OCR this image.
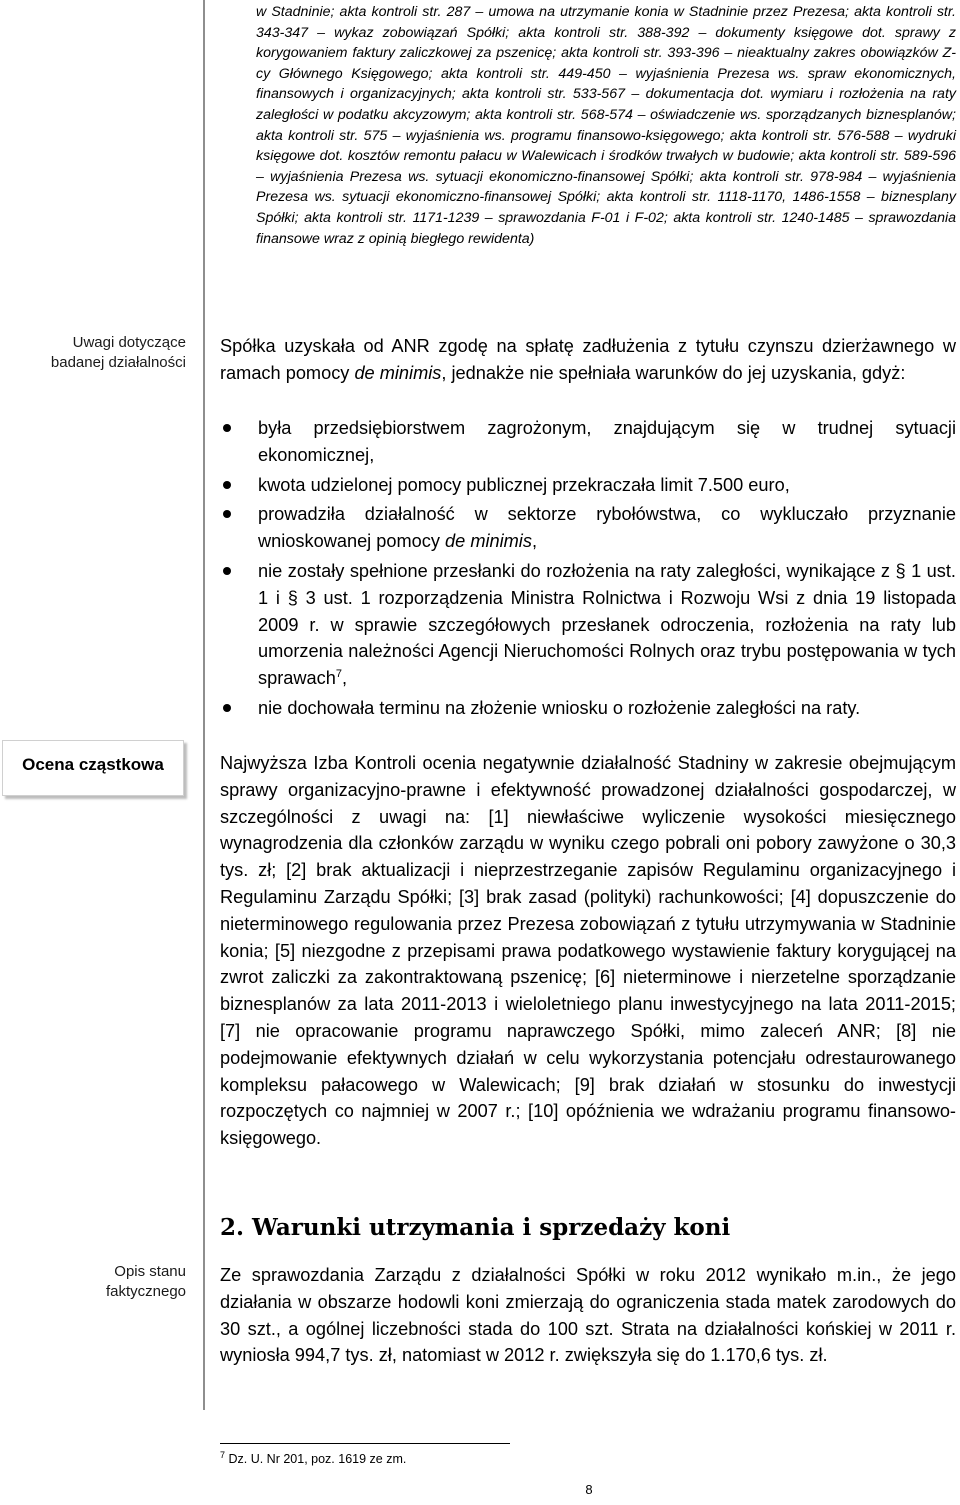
Uwagi dotyczące badanej działalności
Ocena cząstkowa
Opis stanu faktycznego
w Stadninie; akta kontroli str. 287 – umowa na utrzymanie konia w Stadninie przez Prezesa; akta kontroli str. 343-347 – wykaz zobowiązań Spółki; akta kontroli str. 388-392 – dokumenty księgowe dot. sprawy z korygowaniem faktury zaliczkowej za pszenicę; akta kontroli str. 393-396 – nieaktualny zakres obowiązków Z-cy Głównego Księgowego; akta kontroli str. 449-450 – wyjaśnienia Prezesa ws. spraw ekonomicznych, finansowych i organizacyjnych; akta kontroli str. 533-567 – dokumentacja dot. wymiaru i rozłożenia na raty zaległości w podatku akcyzowym; akta kontroli str. 568-574 – oświadczenie ws. sporządzanych biznesplanów; akta kontroli str. 575 – wyjaśnienia ws. programu finansowo-księgowego; akta kontroli str. 576-588 – wydruki księgowe dot. kosztów remontu pałacu w Walewicach i środków trwałych w budowie; akta kontroli str. 589-596 – wyjaśnienia Prezesa ws. sytuacji ekonomiczno-finansowej Spółki; akta kontroli str. 978-984 – wyjaśnienia Prezesa ws. sytuacji ekonomiczno-finansowej Spółki; akta kontroli str. 1118-1170, 1486-1558 – biznesplany Spółki; akta kontroli str. 1171-1239 – sprawozdania F-01 i F-02; akta kontroli str. 1240-1485 – sprawozdania finansowe wraz z opinią biegłego rewidenta)
Spółka uzyskała od ANR zgodę na spłatę zadłużenia z tytułu czynszu dzierżawnego w ramach pomocy de minimis, jednakże nie spełniała warunków do jej uzyskania, gdyż:
była przedsiębiorstwem zagrożonym, znajdującym się w trudnej sytuacji ekonomicznej,
kwota udzielonej pomocy publicznej przekraczała limit 7.500 euro,
prowadziła działalność w sektorze rybołówstwa, co wykluczało przyznanie wnioskowanej pomocy de minimis,
nie zostały spełnione przesłanki do rozłożenia na raty zaległości, wynikające z § 1 ust. 1 i § 3 ust. 1 rozporządzenia Ministra Rolnictwa i Rozwoju Wsi z dnia 19 listopada 2009 r. w sprawie szczegółowych przesłanek odroczenia, rozłożenia na raty lub umorzenia należności Agencji Nieruchomości Rolnych oraz trybu postępowania w tych sprawach$^7$,
nie dochowała terminu na złożenie wniosku o rozłożenie zaległości na raty.
Najwyższa Izba Kontroli ocenia negatywnie działalność Stadniny w zakresie obejmującym sprawy organizacyjno-prawne i efektywność prowadzonej działalności gospodarczej, w szczególności z uwagi na: [1] niewłaściwe wyliczenie wysokości miesięcznego wynagrodzenia dla członków zarządu w wyniku czego pobrali oni pobory zawyżone o 30,3 tys. zł; [2] brak aktualizacji i nieprzestrzeganie zapisów Regulaminu organizacyjnego i Regulaminu Zarządu Spółki; [3] brak zasad (polityki) rachunkowości; [4] dopuszczenie do nieterminowego regulowania przez Prezesa zobowiązań z tytułu utrzymywania w Stadninie konia; [5] niezgodne z przepisami prawa podatkowego wystawienie faktury korygującej na zwrot zaliczki za zakontraktowaną pszenicę; [6] nieterminowe i nierzetelne sporządzanie biznesplanów za lata 2011-2013 i wieloletniego planu inwestycyjnego na lata 2011-2015; [7] nie opracowanie programu naprawczego Spółki, mimo zaleceń ANR; [8] nie podejmowanie efektywnych działań w celu wykorzystania potencjału odrestaurowanego kompleksu pałacowego w Walewicach; [9] brak działań w stosunku do inwestycji rozpoczętych co najmniej w 2007 r.; [10] opóźnienia we wdrażaniu programu finansowo-księgowego.
2. Warunki utrzymania i sprzedaży koni
Ze sprawozdania Zarządu z działalności Spółki w roku 2012 wynikało m.in., że jego działania w obszarze hodowli koni zmierzają do ograniczenia stada matek zarodowych do 30 szt., a ogólnej liczebności stada do 100 szt. Strata na działalności końskiej w 2011 r. wyniosła 994,7 tys. zł, natomiast w 2012 r. zwiększyła się do 1.170,6 tys. zł.
$^7$ Dz. U. Nr 201, poz. 1619 ze zm.
8
